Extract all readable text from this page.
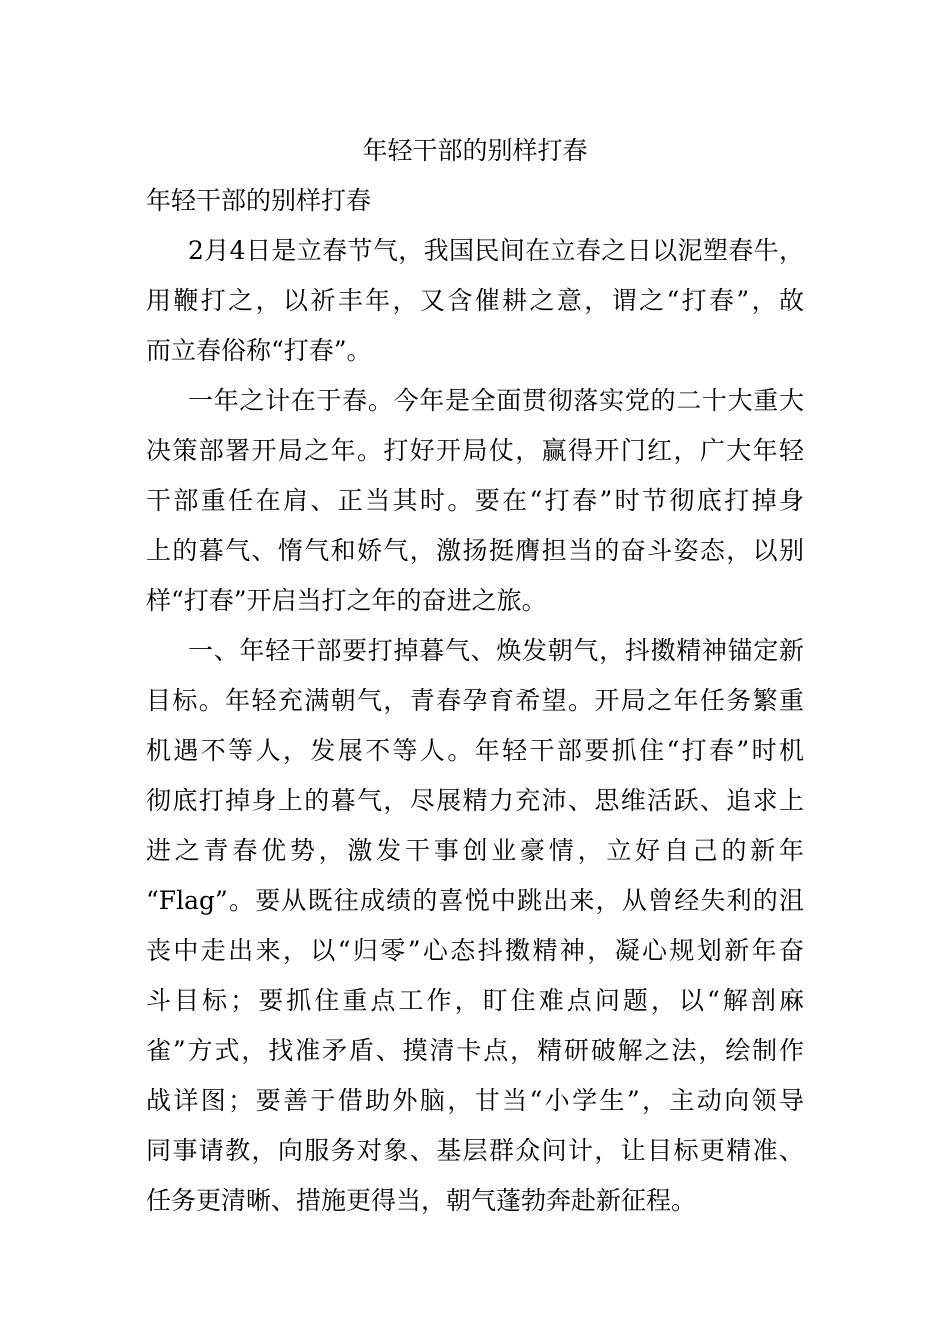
年轻干部的别样打春

年轻干部的别样打春

2月4日是立春节气，我国民间在立春之日以泥塑春牛，

用鞭打之，以祈丰年，又含催耕之意，谓之“打春”，故

而立春俗称“打春”。

一年之计在于春。今年是全面贯彻落实党的二十大重大

决策部署开局之年。打好开局仗，赢得开门红，广大年轻

干部重任在肩、正当其时。要在“打春”时节彻底打掉身

上的暮气、惰气和娇气，激扬挺膺担当的奋斗姿态，以别

样“打春”开启当打之年的奋进之旅。

一、年轻干部要打掉暮气、焕发朝气，抖擞精神锚定新

目标。年轻充满朝气，青春孕育希望。开局之年任务繁重

机遇不等人，发展不等人。年轻干部要抓住“打春”时机

彻底打掉身上的暮气，尽展精力充沛、思维活跃、追求上

进之青春优势，激发干事创业豪情，立好自己的新年

“Flag”。要从既往成绩的喜悦中跳出来，从曾经失利的沮

丧中走出来，以“归零”心态抖擞精神，凝心规划新年奋

斗目标；要抓住重点工作，盯住难点问题，以“解剖麻

雀”方式，找准矛盾、摸清卡点，精研破解之法，绘制作

战详图；要善于借助外脑，甘当“小学生”，主动向领导

同事请教，向服务对象、基层群众问计，让目标更精准、

任务更清晰、措施更得当，朝气蓬勃奔赴新征程。
